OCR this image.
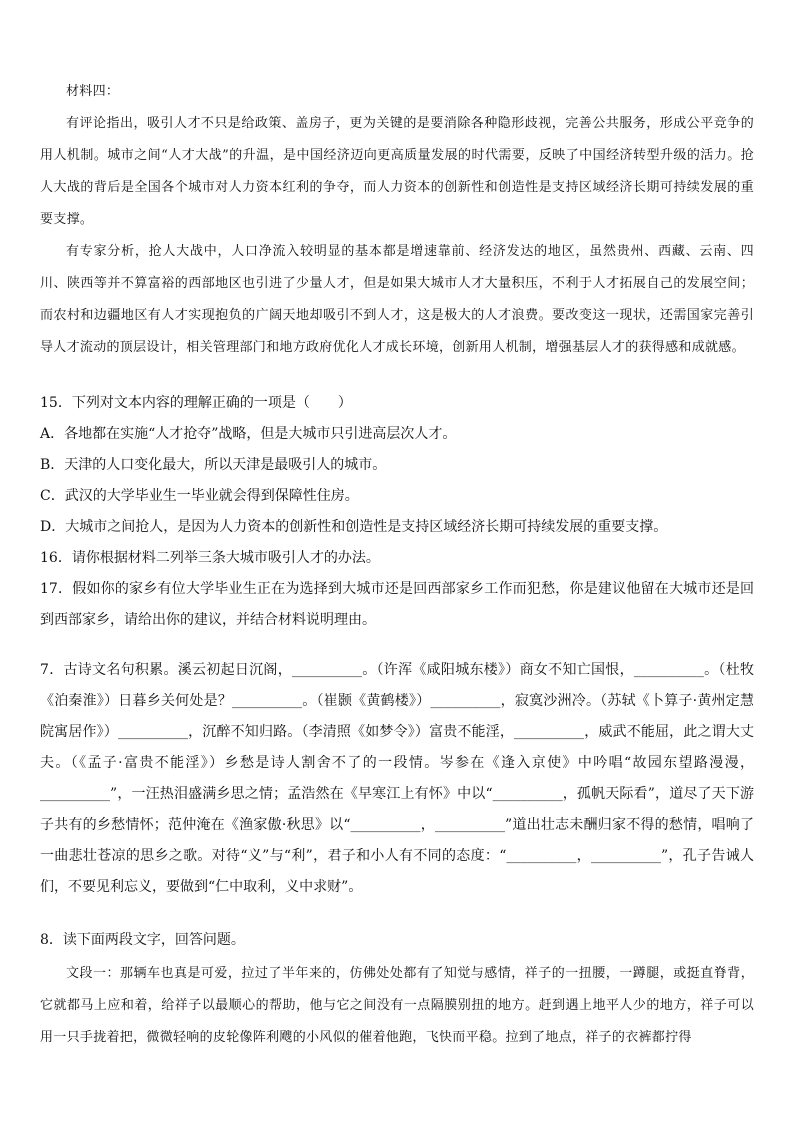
材料四：

有评论指出，吸引人才不只是给政策、盖房子，更为关键的是要消除各种隐形歧视，完善公共服务，形成公平竞争的用人机制。城市之间“人才大战”的升温，是中国经济迈向更高质量发展的时代需要，反映了中国经济转型升级的活力。抢人大战的背后是全国各个城市对人力资本红利的争夺，而人力资本的创新性和创造性是支持区域经济长期可持续发展的重要支撑。

有专家分析，抢人大战中，人口净流入较明显的基本都是增速靠前、经济发达的地区，虽然贵州、西藏、云南、四川、陕西等并不算富裕的西部地区也引进了少量人才，但是如果大城市人才大量积压，不利于人才拓展自己的发展空间；而农村和边疆地区有人才实现抱负的广阔天地却吸引不到人才，这是极大的人才浪费。要改变这一现状，还需国家完善引导人才流动的顶层设计，相关管理部门和地方政府优化人才成长环境，创新用人机制，增强基层人才的获得感和成就感。

15．下列对文本内容的理解正确的一项是（　　）
A．各地都在实施“人才抢夺”战略，但是大城市只引进高层次人才。
B．天津的人口变化最大，所以天津是最吸引人的城市。
C．武汉的大学毕业生一毕业就会得到保障性住房。
D．大城市之间抢人，是因为人力资本的创新性和创造性是支持区域经济长期可持续发展的重要支撑。

16．请你根据材料二列举三条大城市吸引人才的办法。

17．假如你的家乡有位大学毕业生正在为选择到大城市还是回西部家乡工作而犯愁，你是建议他留在大城市还是回到西部家乡，请给出你的建议，并结合材料说明理由。

7．古诗文名句积累。溪云初起日沉阁，__________。（许浑《咸阳城东楼》）商女不知亡国恨，__________。（杜牧《泊秦淮》）日暮乡关何处是？__________。（崔颢《黄鹤楼》）__________，寂寞沙洲冷。（苏轼《卜算子·黄州定慧院寓居作》）__________，沉醉不知归路。（李清照《如梦令》）富贵不能淫，__________，威武不能屈，此之谓大丈夫。（《孟子·富贵不能淫》）乡愁是诗人割舍不了的一段情。岑参在《逢入京使》中吟唱“故园东望路漫漫，__________”，一汪热泪盛满乡思之情；孟浩然在《早寒江上有怀》中以“__________，孤帆天际看”，道尽了天下游子共有的乡愁情怀；范仲淹在《渔家傲·秋思》以“__________，__________”道出壮志未酬归家不得的愁情，唱响了一曲悲壮苍凉的思乡之歌。对待“义”与“利”，君子和小人有不同的态度：“__________，__________”，孔子告诫人们，不要见利忘义，要做到“仁中取利，义中求财”。

8．读下面两段文字，回答问题。

文段一：那辆车也真是可爱，拉过了半年来的，仿佛处处都有了知觉与感情，祥子的一扭腰，一蹲腿，或挺直脊背，它就都马上应和着，给祥子以最顺心的帮助，他与它之间没有一点隔膜别扭的地方。赶到遇上地平人少的地方，祥子可以用一只手拢着把，微微轻响的皮轮像阵利飕的小风似的催着他跑，飞快而平稳。拉到了地点，祥子的衣裤都拧得
